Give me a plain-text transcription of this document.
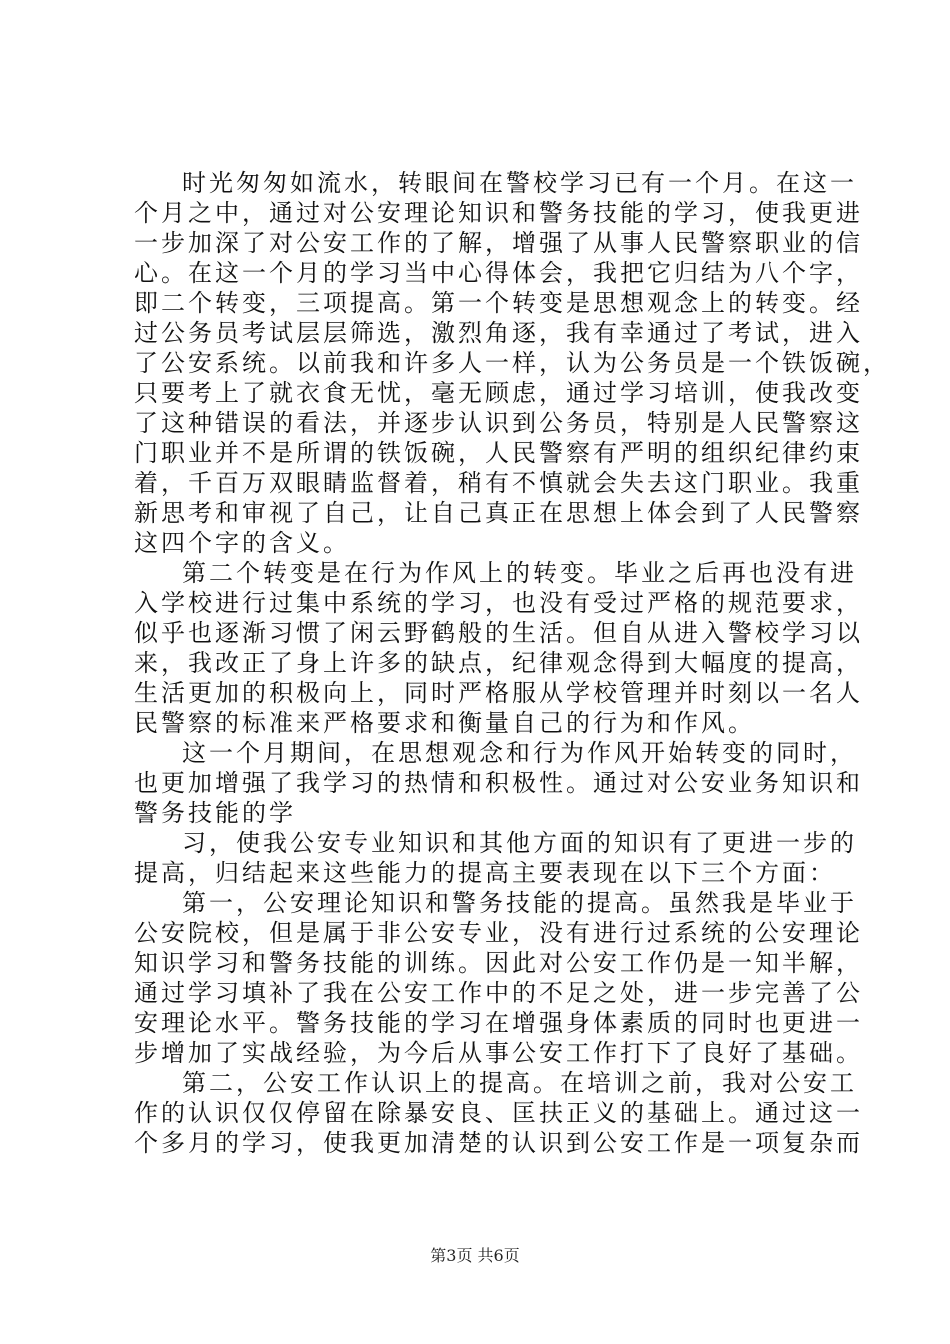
时光匆匆如流水，转眼间在警校学习已有一个月。在这一
个月之中，通过对公安理论知识和警务技能的学习，使我更进
一步加深了对公安工作的了解，增强了从事人民警察职业的信
心。在这一个月的学习当中心得体会，我把它归结为八个字，
即二个转变，三项提高。第一个转变是思想观念上的转变。经
过公务员考试层层筛选，激烈角逐，我有幸通过了考试，进入
了公安系统。以前我和许多人一样，认为公务员是一个铁饭碗，
只要考上了就衣食无忧，毫无顾虑，通过学习培训，使我改变
了这种错误的看法，并逐步认识到公务员，特别是人民警察这
门职业并不是所谓的铁饭碗，人民警察有严明的组织纪律约束
着，千百万双眼睛监督着，稍有不慎就会失去这门职业。我重
新思考和审视了自己，让自己真正在思想上体会到了人民警察
这四个字的含义。
第二个转变是在行为作风上的转变。毕业之后再也没有进
入学校进行过集中系统的学习，也没有受过严格的规范要求，
似乎也逐渐习惯了闲云野鹤般的生活。但自从进入警校学习以
来，我改正了身上许多的缺点，纪律观念得到大幅度的提高，
生活更加的积极向上，同时严格服从学校管理并时刻以一名人
民警察的标准来严格要求和衡量自己的行为和作风。
这一个月期间，在思想观念和行为作风开始转变的同时，
也更加增强了我学习的热情和积极性。通过对公安业务知识和
警务技能的学
习，使我公安专业知识和其他方面的知识有了更进一步的
提高，归结起来这些能力的提高主要表现在以下三个方面：
第一，公安理论知识和警务技能的提高。虽然我是毕业于
公安院校，但是属于非公安专业，没有进行过系统的公安理论
知识学习和警务技能的训练。因此对公安工作仍是一知半解，
通过学习填补了我在公安工作中的不足之处，进一步完善了公
安理论水平。警务技能的学习在增强身体素质的同时也更进一
步增加了实战经验，为今后从事公安工作打下了良好了基础。
第二，公安工作认识上的提高。在培训之前，我对公安工
作的认识仅仅停留在除暴安良、匡扶正义的基础上。通过这一
个多月的学习，使我更加清楚的认识到公安工作是一项复杂而
第3页 共6页
